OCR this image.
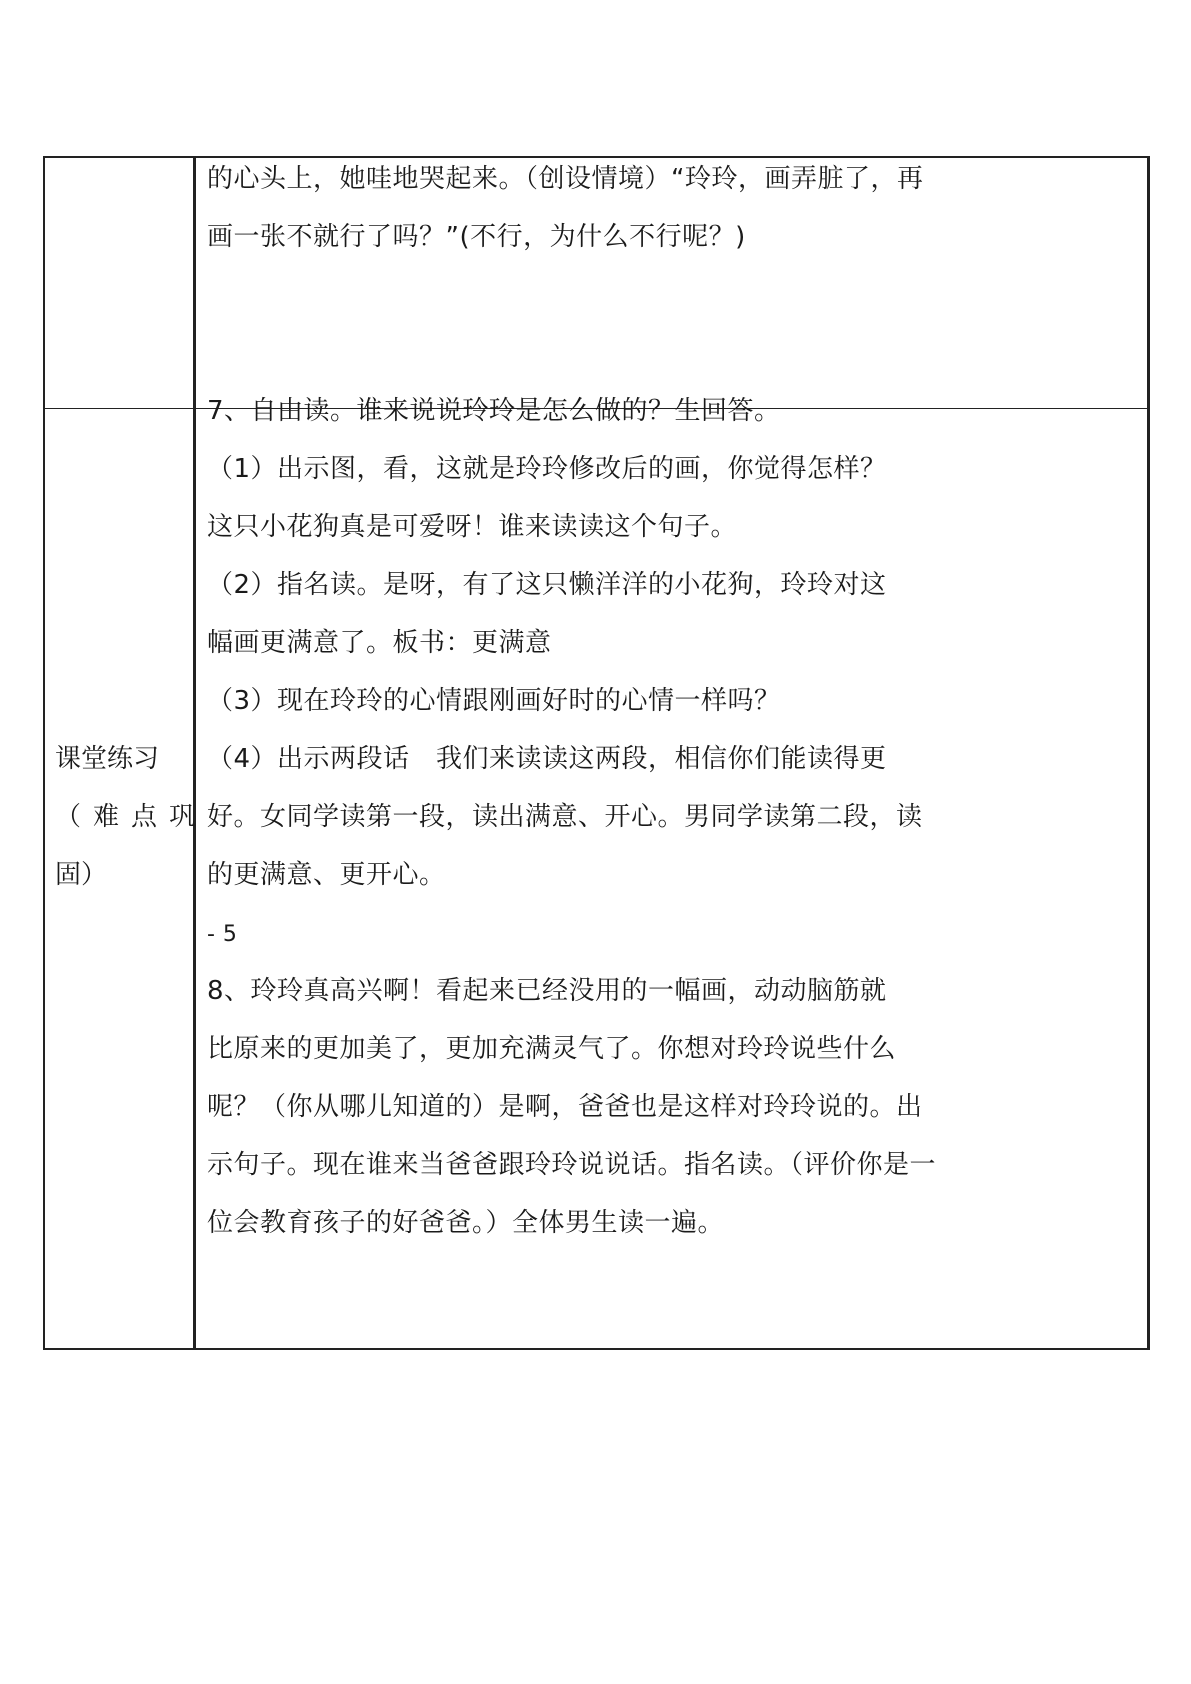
的心头上，她哇地哭起来。（创设情境）“玲玲，画弄脏了，再
画一张不就行了吗？”(不行，为什么不行呢？)
课堂练习
（难点巩
固）
7、自由读。谁来说说玲玲是怎么做的？生回答。
（1）出示图，看，这就是玲玲修改后的画，你觉得怎样？
这只小花狗真是可爱呀！谁来读读这个句子。
（2）指名读。是呀，有了这只懒洋洋的小花狗，玲玲对这
幅画更满意了。板书：更满意
（3）现在玲玲的心情跟刚画好时的心情一样吗？
（4）出示两段话　我们来读读这两段，相信你们能读得更
好。女同学读第一段，读出满意、开心。男同学读第二段，读
的更满意、更开心。
- 5
8、玲玲真高兴啊！看起来已经没用的一幅画，动动脑筋就
比原来的更加美了，更加充满灵气了。你想对玲玲说些什么
呢？（你从哪儿知道的）是啊，爸爸也是这样对玲玲说的。出
示句子。现在谁来当爸爸跟玲玲说说话。指名读。（评价你是一
位会教育孩子的好爸爸。）全体男生读一遍。
